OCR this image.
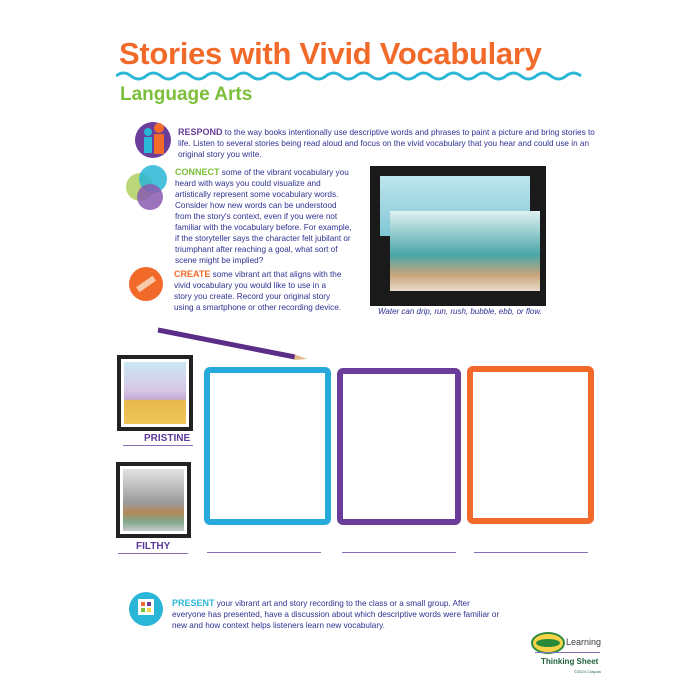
Stories with Vivid Vocabulary
Language Arts
RESPOND to the way books intentionally use descriptive words and phrases to paint a picture and bring stories to life. Listen to several stories being read aloud and focus on the vivid vocabulary that you hear and could use in an original story you write.
CONNECT some of the vibrant vocabulary you heard with ways you could visualize and artistically represent some vocabulary words. Consider how new words can be understood from the story's context, even if you were not familiar with the vocabulary before. For example, if the storyteller says the character felt jubilant or triumphant after reaching a goal, what sort of scene might be implied?
Water can drip, run, rush, bubble, ebb, or flow.
CREATE some vibrant art that aligns with the vivid vocabulary you would like to use in a story you create. Record your original story using a smartphone or other recording device.
PRISTINE
FILTHY
PRESENT your vibrant art and story recording to the class or a small group. After everyone has presented, have a discussion about which descriptive words were familiar or new and how context helps listeners learn new vocabulary.
Learning
Thinking Sheet
©2024 Crayola
